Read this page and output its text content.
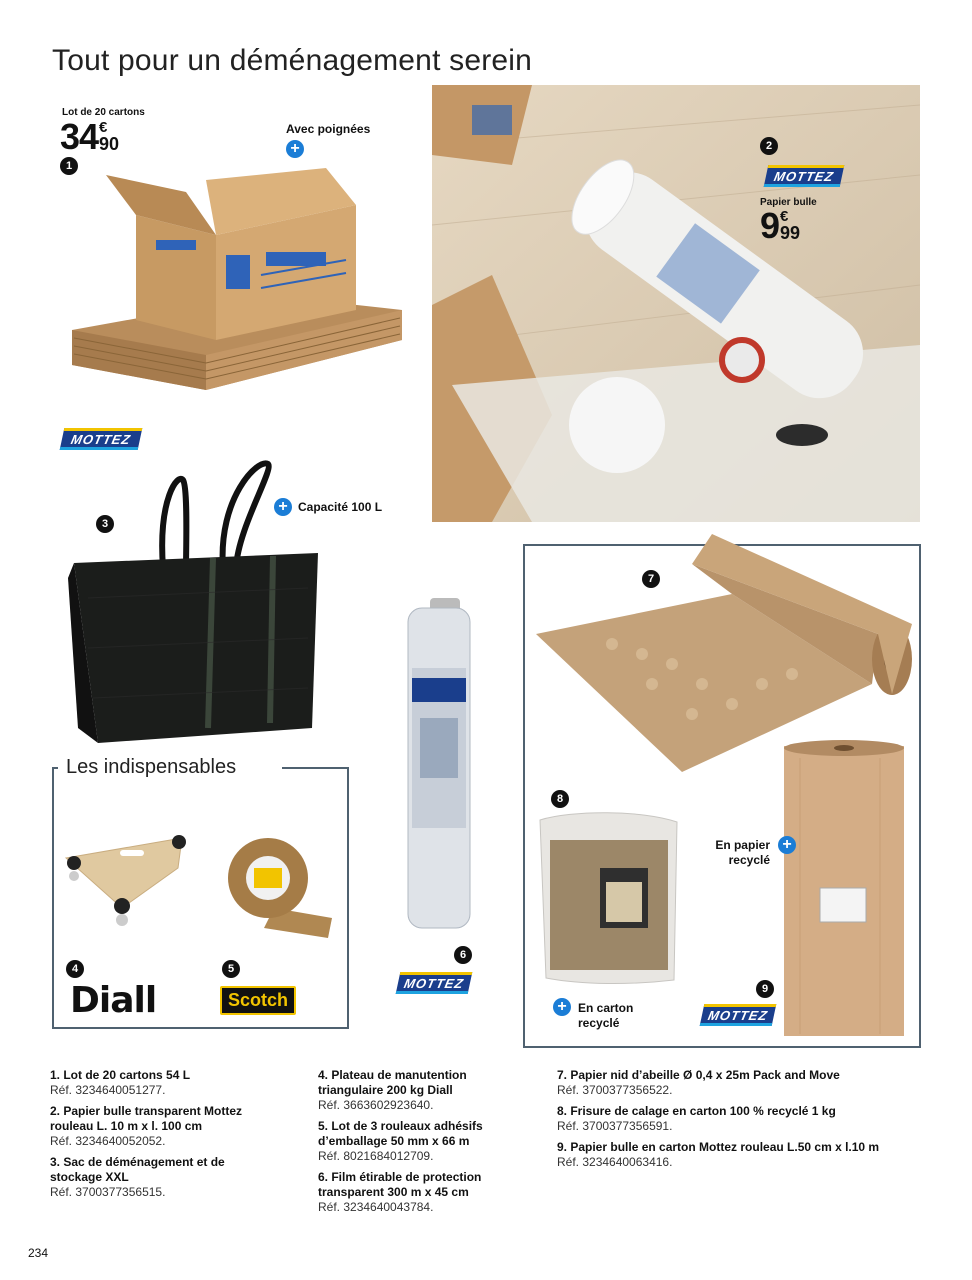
Tout pour un déménagement serein
Lot de 20 cartons
34 €
90
1
Avec poignées
+
MOTTEZ
2
MOTTEZ
Papier bulle
9 €
99
3
+ Capacité 100 L
Les indispensables
4
Diall
5
Scotch
6
MOTTEZ
7
8
+ En carton
recyclé
En papier
recyclé
+
9
MOTTEZ
1. Lot de 20 cartons 54 L
Réf. 3234640051277.
2. Papier bulle transparent Mottez rouleau L. 10 m x l. 100 cm
Réf. 3234640052052.
3. Sac de déménagement et de stockage XXL
Réf. 3700377356515.
4. Plateau de manutention triangulaire 200 kg Diall
Réf. 3663602923640.
5. Lot de 3 rouleaux adhésifs d’emballage 50 mm x 66 m
Réf. 8021684012709.
6. Film étirable de protection transparent 300 m x 45 cm
Réf. 3234640043784.
7. Papier nid d’abeille Ø 0,4 x 25m Pack and Move
Réf. 3700377356522.
8. Frisure de calage en carton 100 % recyclé 1 kg
Réf. 3700377356591.
9. Papier bulle en carton Mottez rouleau L.50 cm x l.10 m
Réf. 3234640063416.
234
